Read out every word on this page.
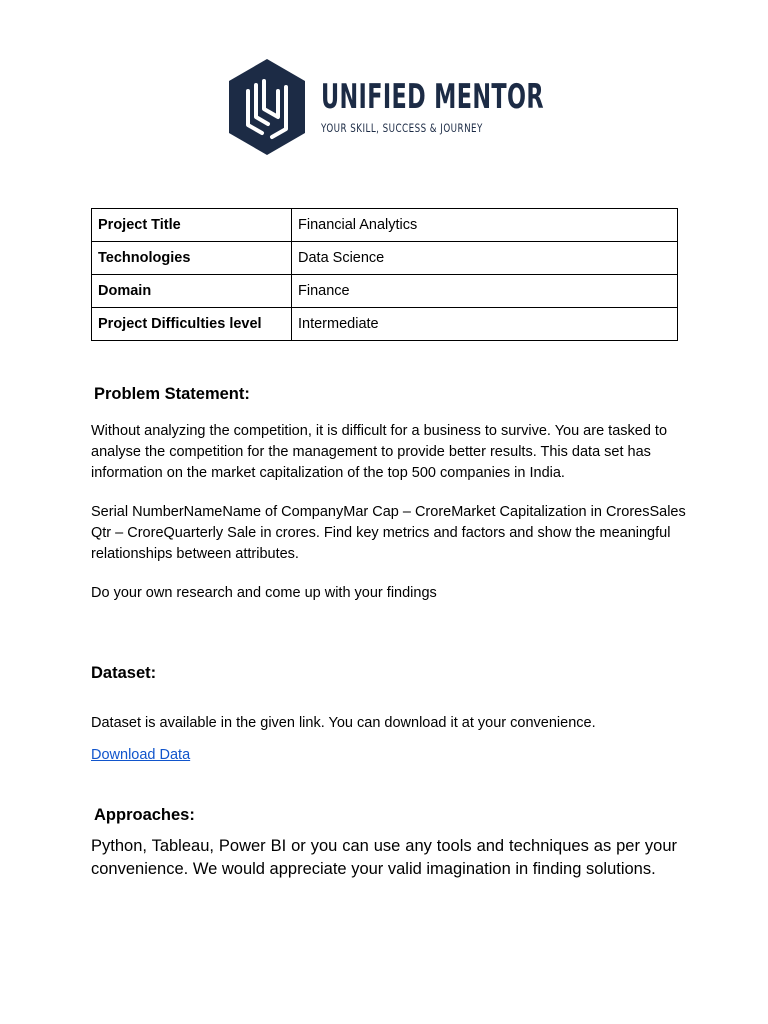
UNIFIED MENTOR
YOUR SKILL, SUCCESS & JOURNEY
Project Title	Financial Analytics
Technologies	Data Science
Domain	Finance
Project Difficulties level	Intermediate
Problem Statement:
Without analyzing the competition, it is difficult for a business to survive. You are tasked to analyse the competition for the management to provide better results. This data set has information on the market capitalization of the top 500 companies in India.
Serial NumberNameName of CompanyMar Cap – CroreMarket Capitalization in CroresSales Qtr – CroreQuarterly Sale in crores. Find key metrics and factors and show the meaningful relationships between attributes.
Do your own research and come up with your findings
Dataset:
Dataset is available in the given link. You can download it at your convenience.
Download Data
Approaches:
Python, Tableau, Power BI or you can use any tools and techniques as per your convenience. We would appreciate your valid imagination in finding solutions.
